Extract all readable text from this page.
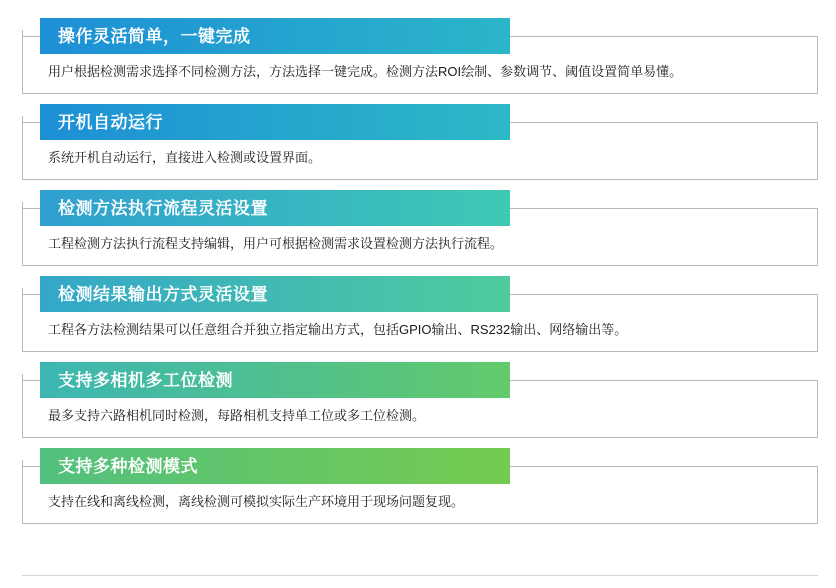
操作灵活简单，一键完成
用户根据检测需求选择不同检测方法，方法选择一键完成。检测方法ROI绘制、参数调节、阈值设置简单易懂。
开机自动运行
系统开机自动运行，直接进入检测或设置界面。
检测方法执行流程灵活设置
工程检测方法执行流程支持编辑，用户可根据检测需求设置检测方法执行流程。
检测结果输出方式灵活设置
工程各方法检测结果可以任意组合并独立指定输出方式，包括GPIO输出、RS232输出、网络输出等。
支持多相机多工位检测
最多支持六路相机同时检测，每路相机支持单工位或多工位检测。
支持多种检测模式
支持在线和离线检测，离线检测可模拟实际生产环境用于现场问题复现。
